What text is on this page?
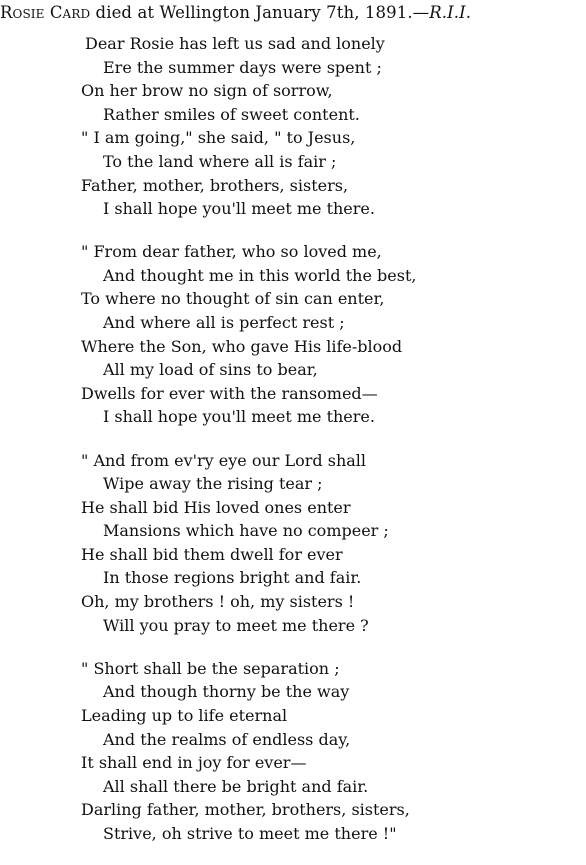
Rosie Card died at Wellington January 7th, 1891.—R.I.I.
Dear Rosie has left us sad and lonely
Ere the summer days were spent ;
On her brow no sign of sorrow,
Rather smiles of sweet content.
" I am going," she said, " to Jesus,
To the land where all is fair ;
Father, mother, brothers, sisters,
I shall hope you'll meet me there.
" From dear father, who so loved me,
And thought me in this world the best,
To where no thought of sin can enter,
And where all is perfect rest ;
Where the Son, who gave His life-blood
All my load of sins to bear,
Dwells for ever with the ransomed—
I shall hope you'll meet me there.
" And from ev'ry eye our Lord shall
Wipe away the rising tear ;
He shall bid His loved ones enter
Mansions which have no compeer ;
He shall bid them dwell for ever
In those regions bright and fair.
Oh, my brothers ! oh, my sisters !
Will you pray to meet me there ?
" Short shall be the separation ;
And though thorny be the way
Leading up to life eternal
And the realms of endless day,
It shall end in joy for ever—
All shall there be bright and fair.
Darling father, mother, brothers, sisters,
Strive, oh strive to meet me there !"
